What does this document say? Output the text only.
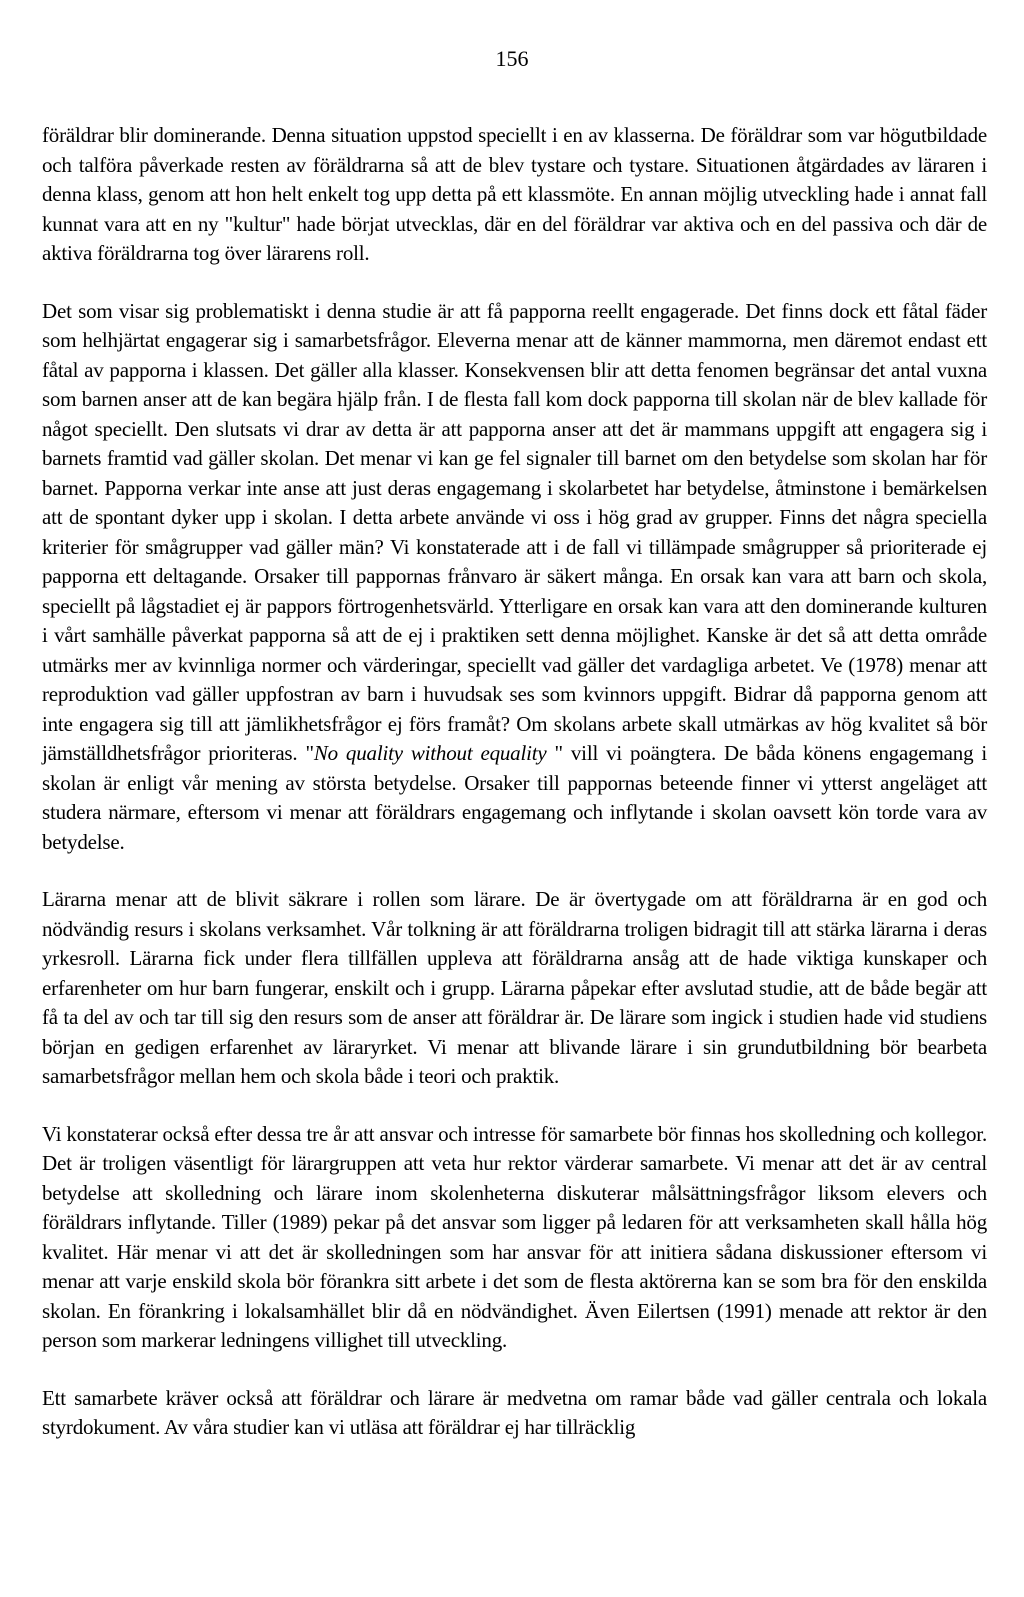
156

föräldrar blir dominerande. Denna situation uppstod speciellt i en av klasserna. De föräldrar som var högutbildade och talföra påverkade resten av föräldrarna så att de blev tystare och tystare. Situationen åtgärdades av läraren i denna klass, genom att hon helt enkelt tog upp detta på ett klassmöte. En annan möjlig utveckling hade i annat fall kunnat vara att en ny "kultur" hade börjat utvecklas, där en del föräldrar var aktiva och en del passiva och där de aktiva föräldrarna tog över lärarens roll.

Det som visar sig problematiskt i denna studie är att få papporna reellt engagerade. Det finns dock ett fåtal fäder som helhjärtat engagerar sig i samarbetsfrågor. Eleverna menar att de känner mammorna, men däremot endast ett fåtal av papporna i klassen. Det gäller alla klasser. Konsekvensen blir att detta fenomen begränsar det antal vuxna som barnen anser att de kan begära hjälp från. I de flesta fall kom dock papporna till skolan när de blev kallade för något speciellt. Den slutsats vi drar av detta är att papporna anser att det är mammans uppgift att engagera sig i barnets framtid vad gäller skolan. Det menar vi kan ge fel signaler till barnet om den betydelse som skolan har för barnet. Papporna verkar inte anse att just deras engagemang i skolarbetet har betydelse, åtminstone i bemärkelsen att de spontant dyker upp i skolan. I detta arbete använde vi oss i hög grad av grupper. Finns det några speciella kriterier för smågrupper vad gäller män? Vi konstaterade att i de fall vi tillämpade smågrupper så prioriterade ej papporna ett deltagande. Orsaker till pappornas frånvaro är säkert många. En orsak kan vara att barn och skola, speciellt på lågstadiet ej är pappors förtrogenhetsvärld. Ytterligare en orsak kan vara att den dominerande kulturen i vårt samhälle påverkat papporna så att de ej i praktiken sett denna möjlighet. Kanske är det så att detta område utmärks mer av kvinnliga normer och värderingar, speciellt vad gäller det vardagliga arbetet. Ve (1978) menar att reproduktion vad gäller uppfostran av barn i huvudsak ses som kvinnors uppgift. Bidrar då papporna genom att inte engagera sig till att jämlikhetsfrågor ej förs framåt? Om skolans arbete skall utmärkas av hög kvalitet så bör jämställdhetsfrågor prioriteras. "No quality without equality " vill vi poängtera. De båda könens engagemang i skolan är enligt vår mening av största betydelse. Orsaker till pappornas beteende finner vi ytterst angeläget att studera närmare, eftersom vi menar att föräldrars engagemang och inflytande i skolan oavsett kön torde vara av betydelse.

Lärarna menar att de blivit säkrare i rollen som lärare. De är övertygade om att föräldrarna är en god och nödvändig resurs i skolans verksamhet. Vår tolkning är att föräldrarna troligen bidragit till att stärka lärarna i deras yrkesroll. Lärarna fick under flera tillfällen uppleva att föräldrarna ansåg att de hade viktiga kunskaper och erfarenheter om hur barn fungerar, enskilt och i grupp. Lärarna påpekar efter avslutad studie, att de både begär att få ta del av och tar till sig den resurs som de anser att föräldrar är. De lärare som ingick i studien hade vid studiens början en gedigen erfarenhet av läraryrket. Vi menar att blivande lärare i sin grundutbildning bör bearbeta samarbetsfrågor mellan hem och skola både i teori och praktik.

Vi konstaterar också efter dessa tre år att ansvar och intresse för samarbete bör finnas hos skolledning och kollegor. Det är troligen väsentligt för lärargruppen att veta hur rektor värderar samarbete. Vi menar att det är av central betydelse att skolledning och lärare inom skolenheterna diskuterar målsättningsfrågor liksom elevers och föräldrars inflytande. Tiller (1989) pekar på det ansvar som ligger på ledaren för att verksamheten skall hålla hög kvalitet. Här menar vi att det är skolledningen som har ansvar för att initiera sådana diskussioner eftersom vi menar att varje enskild skola bör förankra sitt arbete i det som de flesta aktörerna kan se som bra för den enskilda skolan. En förankring i lokalsamhället blir då en nödvändighet. Även Eilertsen (1991) menade att rektor är den person som markerar ledningens villighet till utveckling.

Ett samarbete kräver också att föräldrar och lärare är medvetna om ramar både vad gäller centrala och lokala styrdokument. Av våra studier kan vi utläsa att föräldrar ej har tillräcklig
